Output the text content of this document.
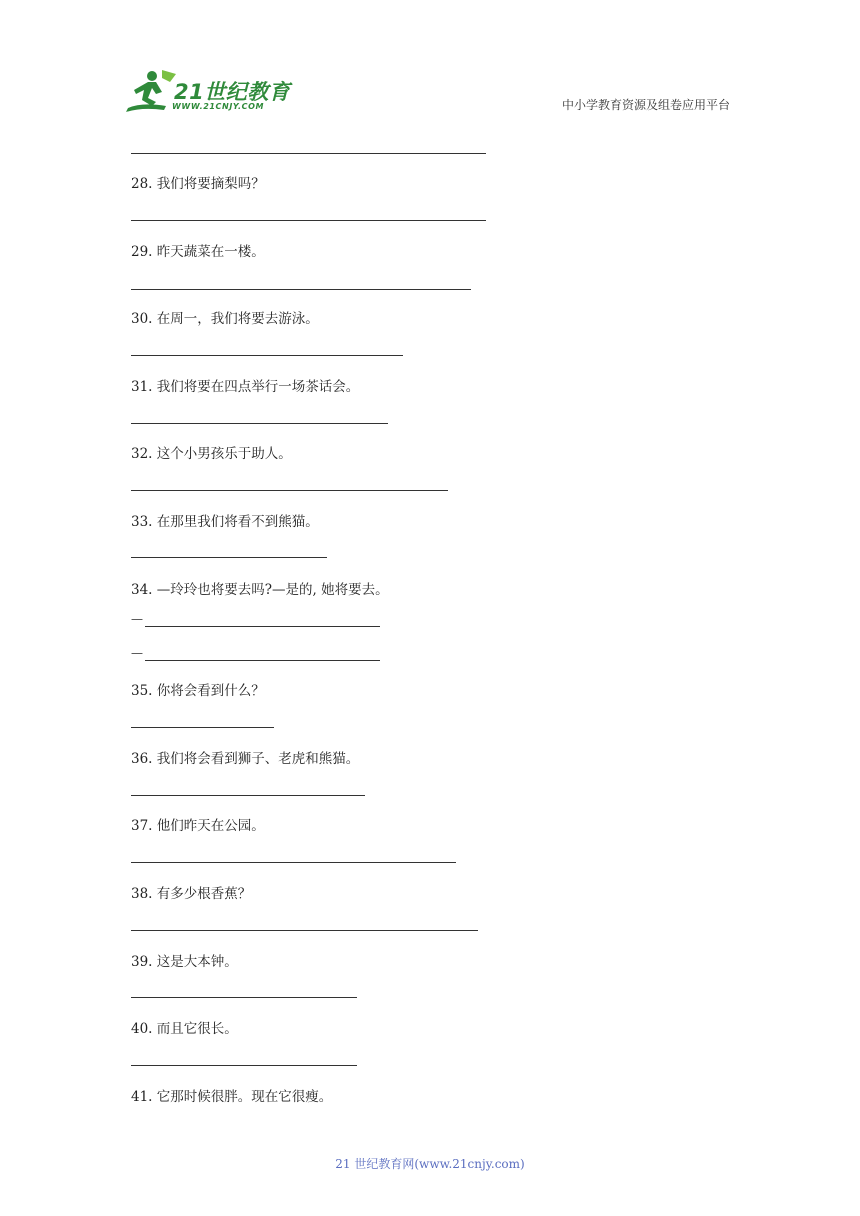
21世纪教育
WWW.21CNJY.COM	中小学教育资源及组卷应用平台
28. 我们将要摘梨吗？
29. 昨天蔬菜在一楼。
30. 在周一，我们将要去游泳。
31. 我们将要在四点举行一场茶话会。
32. 这个小男孩乐于助人。
33. 在那里我们将看不到熊猫。
34. —玲玲也将要去吗?—是的, 她将要去。
—
—
35. 你将会看到什么？
36. 我们将会看到狮子、老虎和熊猫。
37. 他们昨天在公园。
38. 有多少根香蕉？
39. 这是大本钟。
40. 而且它很长。
41. 它那时候很胖。现在它很瘦。
21 世纪教育网(www.21cnjy.com)
